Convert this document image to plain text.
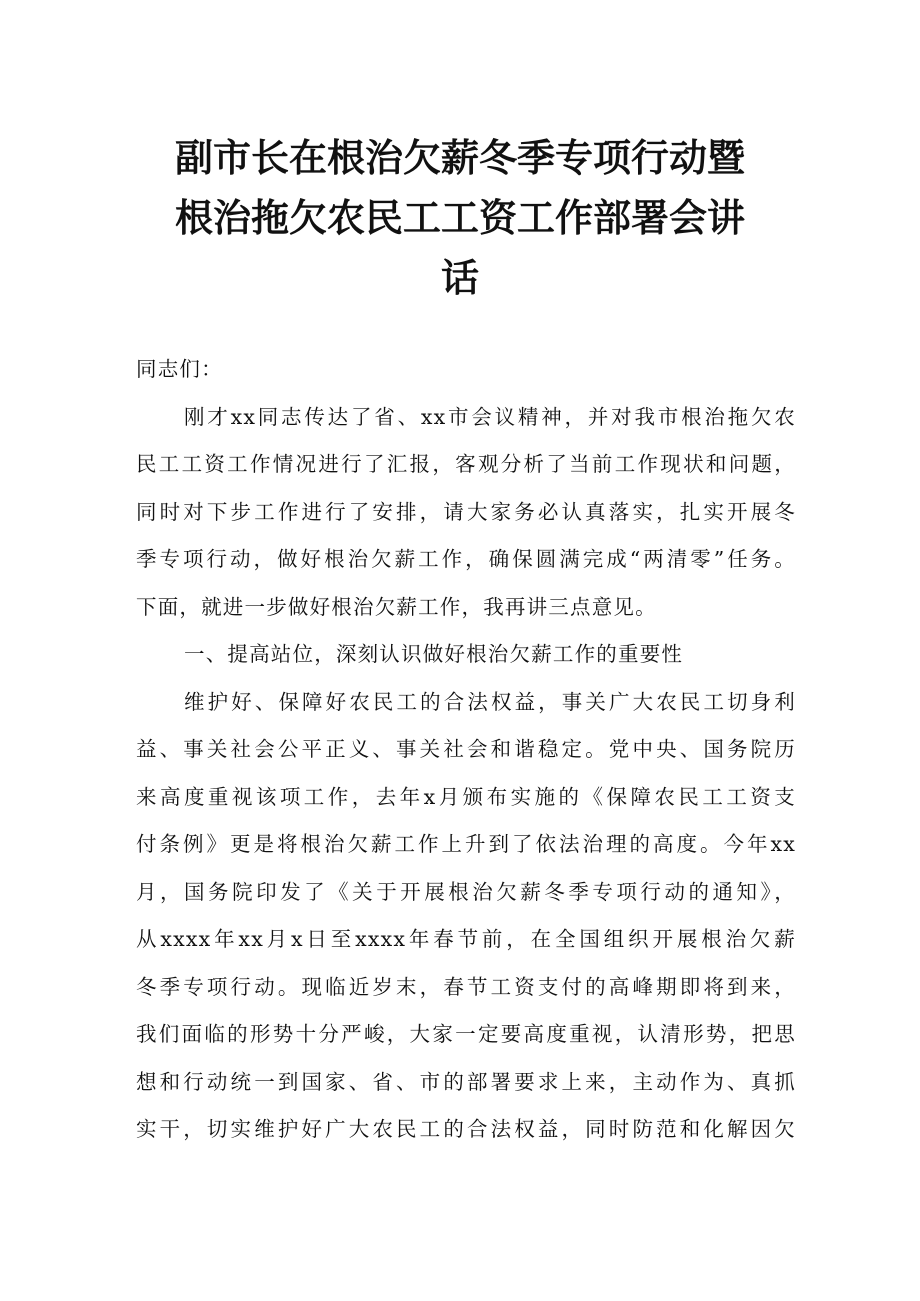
副市长在根治欠薪冬季专项行动暨
根治拖欠农民工工资工作部署会讲
话
同志们：
刚才xx同志传达了省、xx市会议精神，并对我市根治拖欠农
民工工资工作情况进行了汇报，客观分析了当前工作现状和问题，
同时对下步工作进行了安排，请大家务必认真落实，扎实开展冬
季专项行动，做好根治欠薪工作，确保圆满完成“两清零”任务。
下面，就进一步做好根治欠薪工作，我再讲三点意见。
一、提高站位，深刻认识做好根治欠薪工作的重要性
维护好、保障好农民工的合法权益，事关广大农民工切身利
益、事关社会公平正义、事关社会和谐稳定。党中央、国务院历
来高度重视该项工作，去年x月颁布实施的《保障农民工工资支
付条例》更是将根治欠薪工作上升到了依法治理的高度。今年xx
月，国务院印发了《关于开展根治欠薪冬季专项行动的通知》，
从xxxx年xx月x日至xxxx年春节前，在全国组织开展根治欠薪
冬季专项行动。现临近岁末，春节工资支付的高峰期即将到来，
我们面临的形势十分严峻，大家一定要高度重视，认清形势，把思
想和行动统一到国家、省、市的部署要求上来，主动作为、真抓
实干，切实维护好广大农民工的合法权益，同时防范和化解因欠
